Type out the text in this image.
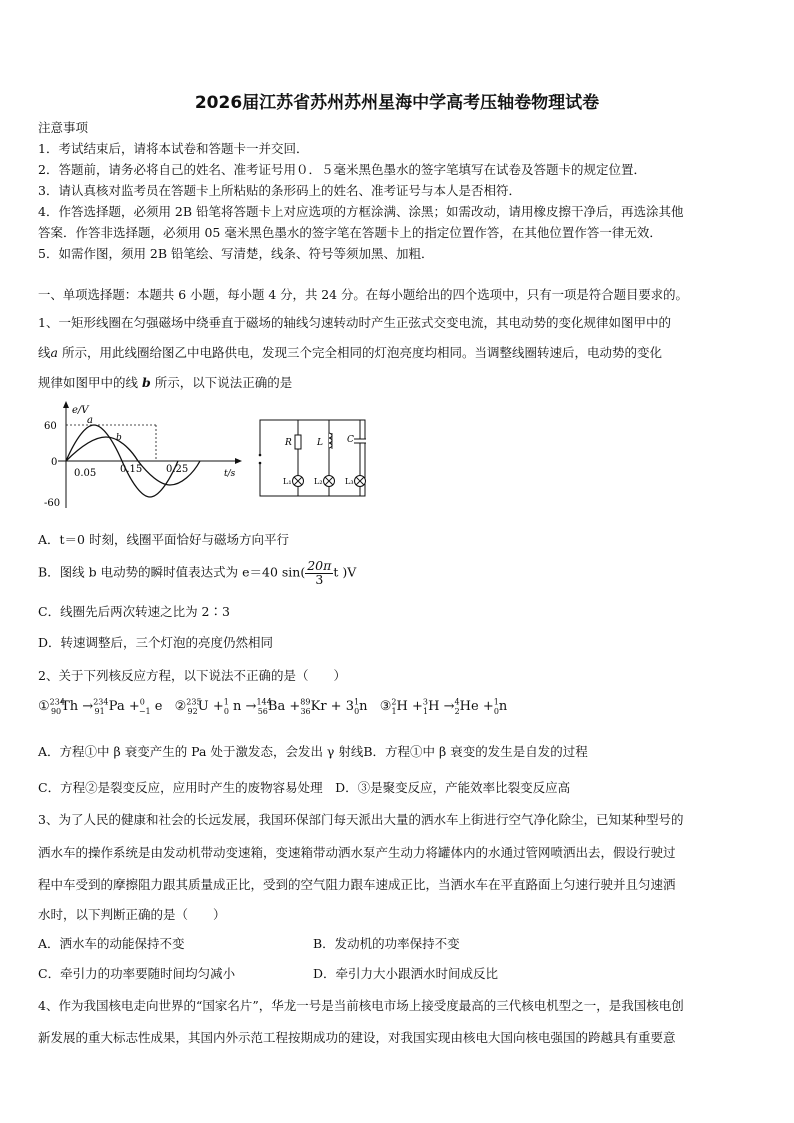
2026届江苏省苏州苏州星海中学高考压轴卷物理试卷
注意事项
1．考试结束后，请将本试卷和答题卡一并交回．
2．答题前，请务必将自己的姓名、准考证号用０．５毫米黑色墨水的签字笔填写在试卷及答题卡的规定位置．
3．请认真核对监考员在答题卡上所粘贴的条形码上的姓名、准考证号与本人是否相符．
4．作答选择题，必须用 2B 铅笔将答题卡上对应选项的方框涂满、涂黑；如需改动，请用橡皮擦干净后，再选涂其他
答案．作答非选择题，必须用 05 毫米黑色墨水的签字笔在答题卡上的指定位置作答，在其他位置作答一律无效．
5．如需作图，须用 2B 铅笔绘、写清楚，线条、符号等须加黑、加粗．
一、单项选择题：本题共 6 小题，每小题 4 分，共 24 分。在每小题给出的四个选项中，只有一项是符合题目要求的。
1、一矩形线圈在匀强磁场中绕垂直于磁场的轴线匀速转动时产生正弦式交变电流，其电动势的变化规律如图甲中的
线a 所示，用此线圈给图乙中电路供电，发现三个完全相同的灯泡亮度均相同。当调整线圈转速后，电动势的变化
规律如图甲中的线 b 所示，以下说法正确的是
e/V
t/s
60
0
-60
0.05 0.15 0.25
a
b	R	L	C
L₁	L₂	L₃
A．t＝0 时刻，线圈平面恰好与磁场方向平行
B．图线 b 电动势的瞬时值表达式为 e＝40 $\sin( \frac{20\pi}{3}$ t )V
C．线圈先后两次转速之比为 2∶3
D．转速调整后，三个灯泡的亮度仍然相同
2、关于下列核反应方程，以下说法不正确的是（　　）
①$^{234}_{90}$Th →$^{234}_{91}$ Pa +$^0_{-1}$ e ②$^{235}_{92}$U +$^1_0$ $n \to^{144}_{56}Ba +^{89}_{36}Kr + 3^1_0n$ ③$^2_1$H +$^3_1$H →$^4_2$He +$^1_0$n
A．方程①中 β 衰变产生的 Pa 处于激发态，会发出 γ 射线B．方程①中 β 衰变的发生是自发的过程
C．方程②是裂变反应，应用时产生的废物容易处理　D．③是聚变反应，产能效率比裂变反应高
3、为了人民的健康和社会的长远发展，我国环保部门每天派出大量的洒水车上街进行空气净化除尘，已知某种型号的
洒水车的操作系统是由发动机带动变速箱，变速箱带动洒水泵产生动力将罐体内的水通过管网喷洒出去，假设行驶过
程中车受到的摩擦阻力跟其质量成正比，受到的空气阻力跟车速成正比，当洒水车在平直路面上匀速行驶并且匀速洒
水时，以下判断正确的是（　　）
A．洒水车的动能保持不变	B．发动机的功率保持不变
C．牵引力的功率要随时间均匀减小	D．牵引力大小跟洒水时间成反比
4、作为我国核电走向世界的“国家名片”，华龙一号是当前核电市场上接受度最高的三代核电机型之一，是我国核电创
新发展的重大标志性成果，其国内外示范工程按期成功的建设，对我国实现由核电大国向核电强国的跨越具有重要意
